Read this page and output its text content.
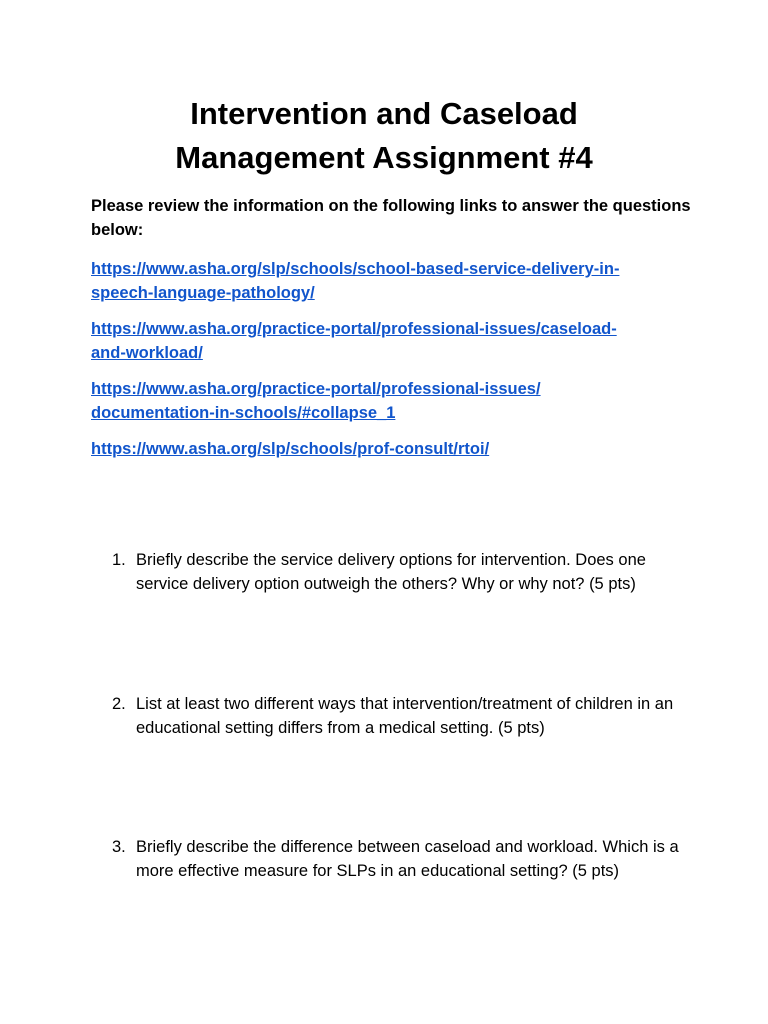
Intervention and Caseload
Management Assignment #4

Please review the information on the following links to answer the questions below:

https://www.asha.org/slp/schools/school-based-service-delivery-in-
speech-language-pathology/
https://www.asha.org/practice-portal/professional-issues/caseload-
and-workload/
https://www.asha.org/practice-portal/professional-issues/
documentation-in-schools/#collapse_1
https://www.asha.org/slp/schools/prof-consult/rtoi/
1. Briefly describe the service delivery options for intervention. Does one service delivery option outweigh the others? Why or why not? (5 pts)
2. List at least two different ways that intervention/treatment of children in an educational setting differs from a medical setting. (5 pts)
3. Briefly describe the difference between caseload and workload. Which is a more effective measure for SLPs in an educational setting? (5 pts)
